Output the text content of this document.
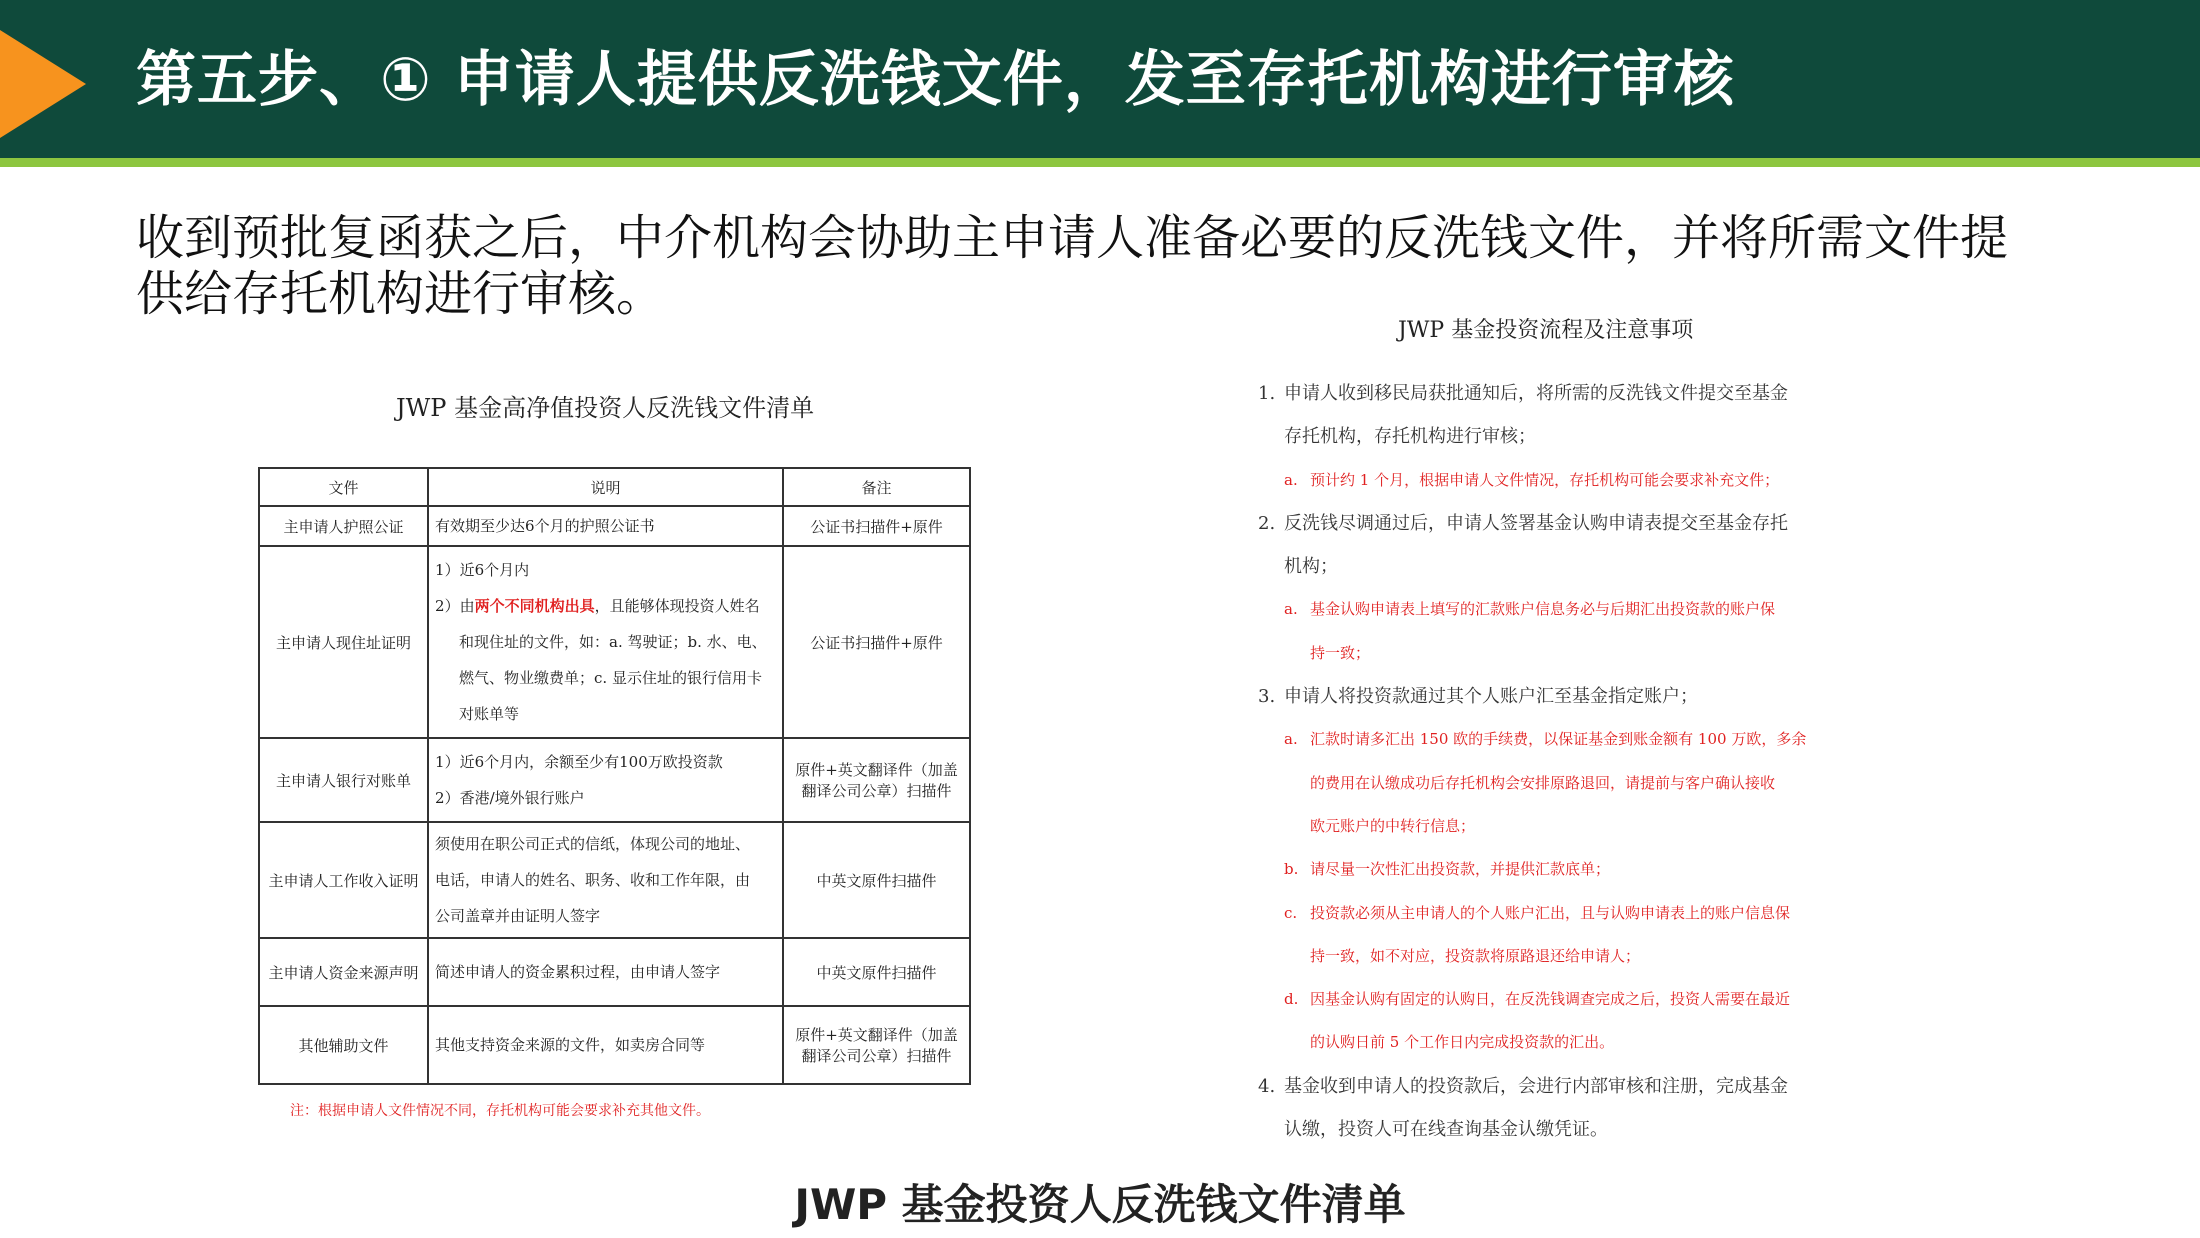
第五步、① 申请人提供反洗钱文件，发至存托机构进行审核
收到预批复函获之后，中介机构会协助主申请人准备必要的反洗钱文件，并将所需文件提
供给存托机构进行审核。
JWP 基金高净值投资人反洗钱文件清单
文件	说明	备注
主申请人护照公证	有效期至少达6个月的护照公证书	公证书扫描件+原件
主申请人现住址证明	1）近6个月内
2）由两个不同机构出具，且能够体现投资人姓名
和现住址的文件，如：a. 驾驶证；b. 水、电、
燃气、物业缴费单；c. 显示住址的银行信用卡
对账单等	公证书扫描件+原件
主申请人银行对账单	1）近6个月内，余额至少有100万欧投资款
2）香港/境外银行账户	原件+英文翻译件（加盖翻译公司公章）扫描件
主申请人工作收入证明	须使用在职公司正式的信纸，体现公司的地址、
电话，申请人的姓名、职务、收和工作年限，由
公司盖章并由证明人签字	中英文原件扫描件
主申请人资金来源声明	简述申请人的资金累积过程，由申请人签字	中英文原件扫描件
其他辅助文件	其他支持资金来源的文件，如卖房合同等	原件+英文翻译件（加盖翻译公司公章）扫描件
注：根据申请人文件情况不同，存托机构可能会要求补充其他文件。
JWP 基金投资流程及注意事项
1. 申请人收到移民局获批通知后，将所需的反洗钱文件提交至基金
存托机构，存托机构进行审核；
a. 预计约 1 个月，根据申请人文件情况，存托机构可能会要求补充文件；
2. 反洗钱尽调通过后，申请人签署基金认购申请表提交至基金存托
机构；
a. 基金认购申请表上填写的汇款账户信息务必与后期汇出投资款的账户保
持一致；
3. 申请人将投资款通过其个人账户汇至基金指定账户；
a. 汇款时请多汇出 150 欧的手续费，以保证基金到账金额有 100 万欧，多余
的费用在认缴成功后存托机构会安排原路退回，请提前与客户确认接收
欧元账户的中转行信息；
b. 请尽量一次性汇出投资款，并提供汇款底单；
c. 投资款必须从主申请人的个人账户汇出，且与认购申请表上的账户信息保
持一致，如不对应，投资款将原路退还给申请人；
d. 因基金认购有固定的认购日，在反洗钱调查完成之后，投资人需要在最近
的认购日前 5 个工作日内完成投资款的汇出。
4. 基金收到申请人的投资款后，会进行内部审核和注册，完成基金
认缴，投资人可在线查询基金认缴凭证。
JWP 基金投资人反洗钱文件清单
